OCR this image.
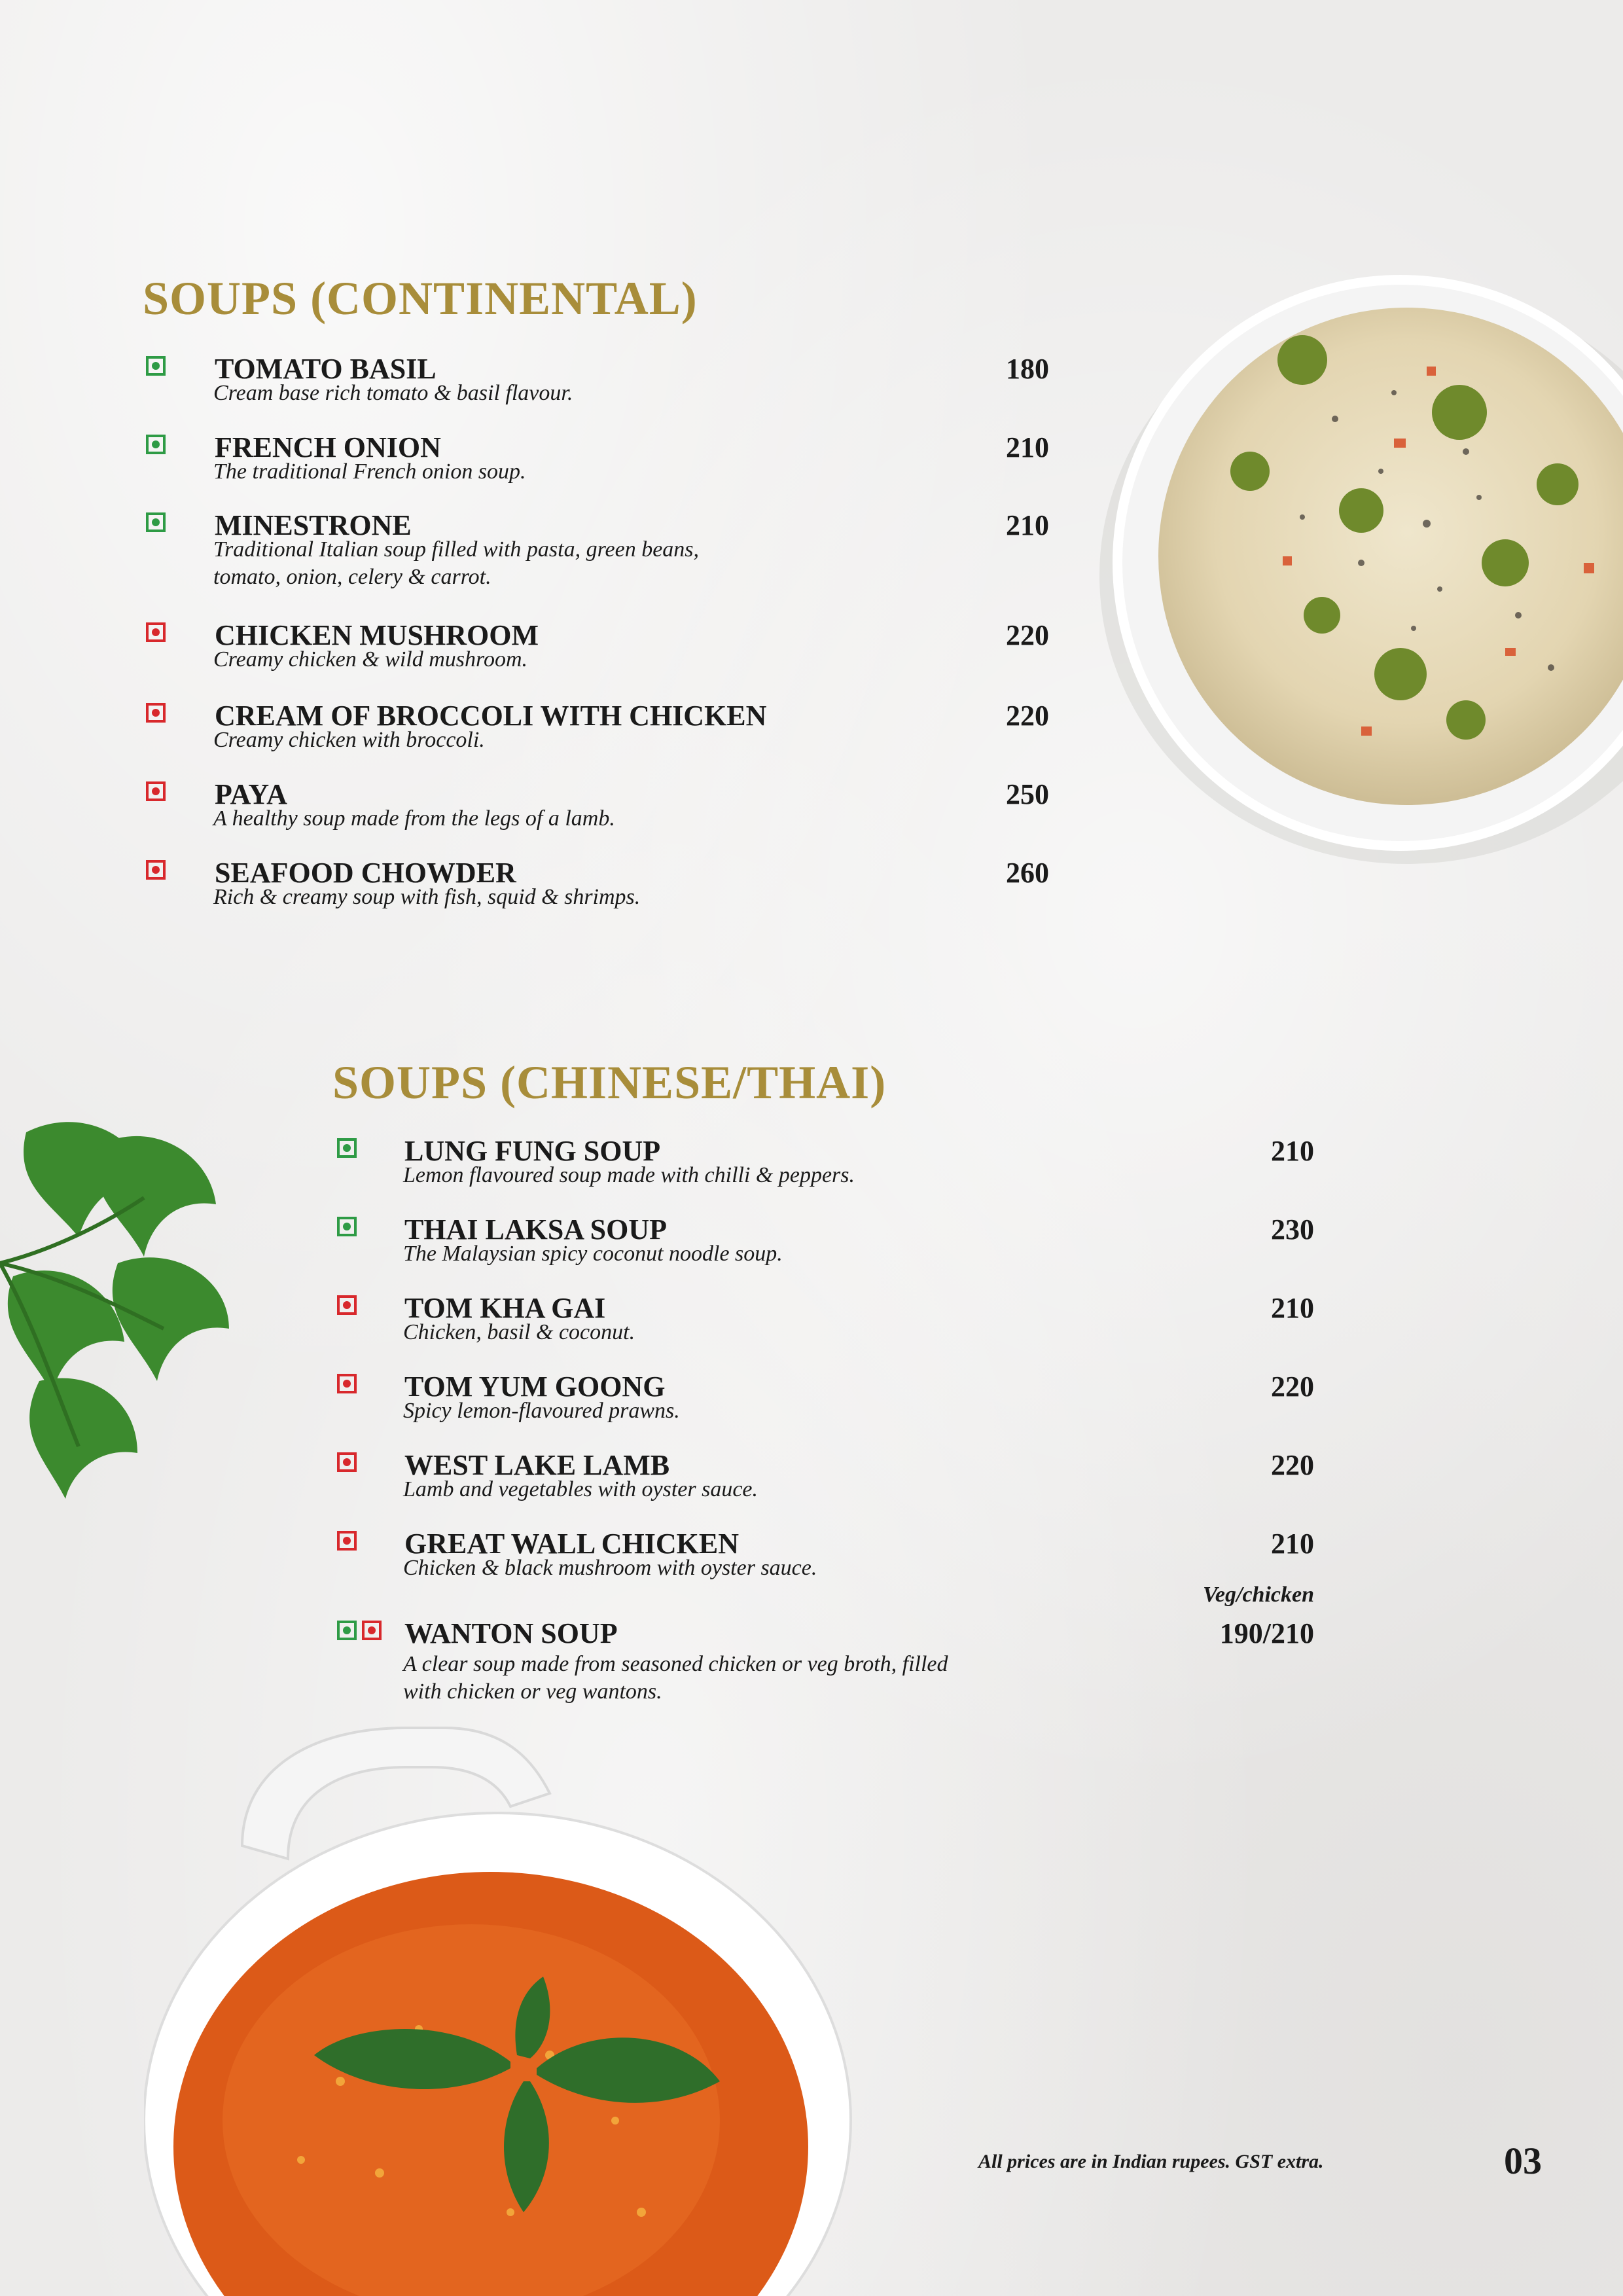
SOUPS (CONTINENTAL)
TOMATO BASIL
Cream base rich tomato & basil flavour.
180
FRENCH ONION
The traditional French onion soup.
210
MINESTRONE
Traditional Italian soup filled with pasta, green beans,
tomato, onion, celery & carrot.
210
CHICKEN MUSHROOM
Creamy chicken & wild mushroom.
220
CREAM OF BROCCOLI WITH CHICKEN
Creamy chicken with broccoli.
220
PAYA
A healthy soup made from the legs of a lamb.
250
SEAFOOD CHOWDER
Rich & creamy soup with fish, squid & shrimps.
260
SOUPS (CHINESE/THAI)
LUNG FUNG SOUP
Lemon flavoured soup made with chilli & peppers.
210
THAI LAKSA SOUP
The Malaysian spicy coconut noodle soup.
230
TOM KHA GAI
Chicken, basil & coconut.
210
TOM YUM GOONG
Spicy lemon-flavoured prawns.
220
WEST LAKE LAMB
Lamb and vegetables with oyster sauce.
220
GREAT WALL CHICKEN
Chicken & black mushroom with oyster sauce.
210
WANTON SOUP
A clear soup made from seasoned chicken or veg broth, filled
with chicken or veg wantons.
190/210
Veg/chicken
All prices are in Indian rupees. GST extra.	03
